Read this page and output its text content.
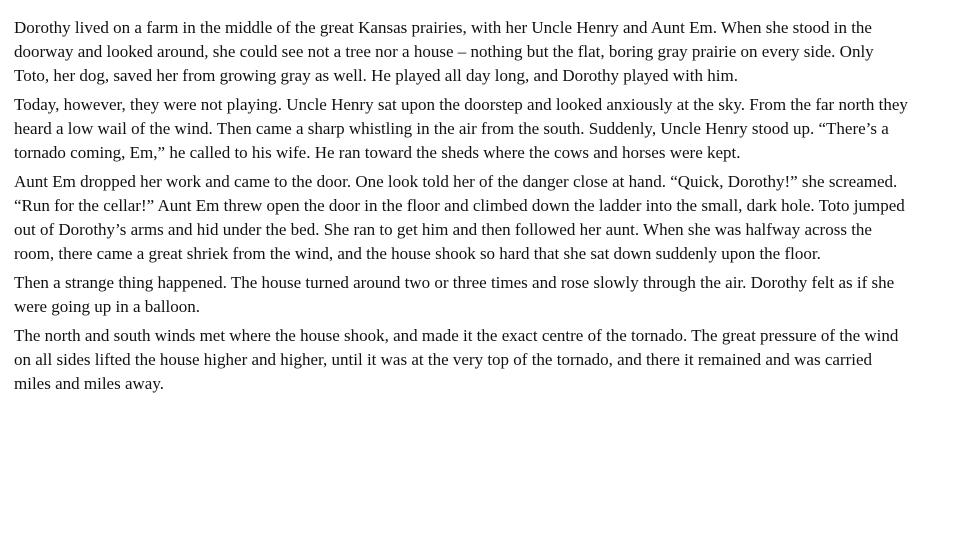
Dorothy lived on a farm in the middle of the great Kansas prairies, with her Uncle Henry and Aunt Em. When she stood in the doorway and looked around, she could see not a tree nor a house – nothing but the flat, boring gray prairie on every side. Only Toto, her dog, saved her from growing gray as well. He played all day long, and Dorothy played with him.

Today, however, they were not playing. Uncle Henry sat upon the doorstep and looked anxiously at the sky. From the far north they heard a low wail of the wind. Then came a sharp whistling in the air from the south. Suddenly, Uncle Henry stood up. “There’s a tornado coming, Em,” he called to his wife. He ran toward the sheds where the cows and horses were kept.

Aunt Em dropped her work and came to the door. One look told her of the danger close at hand. “Quick, Dorothy!” she screamed. “Run for the cellar!” Aunt Em threw open the door in the floor and climbed down the ladder into the small, dark hole. Toto jumped out of Dorothy’s arms and hid under the bed. She ran to get him and then followed her aunt. When she was halfway across the room, there came a great shriek from the wind, and the house shook so hard that she sat down suddenly upon the floor.

Then a strange thing happened. The house turned around two or three times and rose slowly through the air. Dorothy felt as if she were going up in a balloon.

The north and south winds met where the house shook, and made it the exact centre of the tornado. The great pressure of the wind on all sides lifted the house higher and higher, until it was at the very top of the tornado, and there it remained and was carried miles and miles away.
